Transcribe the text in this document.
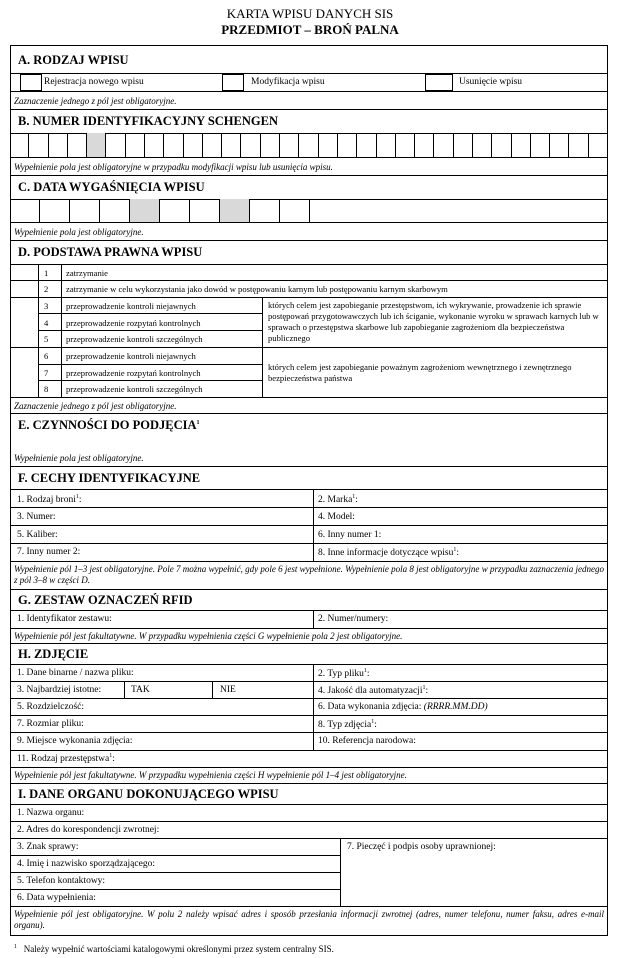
KARTA WPISU DANYCH SIS
PRZEDMIOT – BROŃ PALNA
A. RODZAJ WPISU
Rejestracja nowego wpisu	Modyfikacja wpisu	Usunięcie wpisu
Zaznaczenie jednego z pól jest obligatoryjne.
B. NUMER IDENTYFIKACYJNY SCHENGEN
Wypełnienie pola jest obligatoryjne w przypadku modyfikacji wpisu lub usunięcia wpisu.
C. DATA WYGAŚNIĘCIA WPISU
Wypełnienie pola jest obligatoryjne.
D. PODSTAWA PRAWNA WPISU
1 zatrzymanie
2 zatrzymanie w celu wykorzystania jako dowód w postępowaniu karnym lub postępowaniu karnym skarbowym
3 przeprowadzenie kontroli niejawnych
4 przeprowadzenie rozpytań kontrolnych
5 przeprowadzenie kontroli szczególnych
których celem jest zapobieganie przestępstwom, ich wykrywanie, prowadzenie ich sprawie postępowań przygotowawczych lub ich ściganie, wykonanie wyroku w sprawach karnych lub w sprawach o przestępstwa skarbowe lub zapobieganie zagrożeniom dla bezpieczeństwa publicznego
6 przeprowadzenie kontroli niejawnych
7 przeprowadzenie rozpytań kontrolnych
8 przeprowadzenie kontroli szczególnych
których celem jest zapobieganie poważnym zagrożeniom wewnętrznego i zewnętrznego bezpieczeństwa państwa
Zaznaczenie jednego z pól jest obligatoryjne.
E. CZYNNOŚCI DO PODJĘCIA$^1$
Wypełnienie pola jest obligatoryjne.
F. CECHY IDENTYFIKACYJNE
1. Rodzaj broni$^1$:	2. Marka$^1$:
3. Numer:	4. Model:
5. Kaliber:	6. Inny numer 1:
7. Inny numer 2:	8. Inne informacje dotyczące wpisu$^1$:
Wypełnienie pól 1–3 jest obligatoryjne. Pole 7 można wypełnić, gdy pole 6 jest wypełnione. Wypełnienie pola 8 jest obligatoryjne w przypadku zaznaczenia jednego z pól 3–8 w części D.
G. ZESTAW OZNACZEŃ RFID
1. Identyfikator zestawu:	2. Numer/numery:
Wypełnienie pól jest fakultatywne. W przypadku wypełnienia części G wypełnienie pola 2 jest obligatoryjne.
H. ZDJĘCIE
1. Dane binarne / nazwa pliku:	2. Typ pliku$^1$:
3. Najbardziej istotne:	TAK	NIE	4. Jakość dla automatyzacji$^1$:
5. Rozdzielczość:	6. Data wykonania zdjęcia: (RRRR.MM.DD)
7. Rozmiar pliku:	8. Typ zdjęcia$^1$:
9. Miejsce wykonania zdjęcia:	10. Referencja narodowa:
11. Rodzaj przestępstwa$^1$:
Wypełnienie pól jest fakultatywne. W przypadku wypełnienia części H wypełnienie pól 1–4 jest obligatoryjne.
I. DANE ORGANU DOKONUJĄCEGO WPISU
1. Nazwa organu:
2. Adres do korespondencji zwrotnej:
3. Znak sprawy:	7. Pieczęć i podpis osoby uprawnionej:
4. Imię i nazwisko sporządzającego:
5. Telefon kontaktowy:
6. Data wypełnienia:
Wypełnienie pól jest obligatoryjne. W polu 2 należy wpisać adres i sposób przesłania informacji zwrotnej (adres, numer telefonu, numer faksu, adres e-mail organu).
$^1$ Należy wypełnić wartościami katalogowymi określonymi przez system centralny SIS.
